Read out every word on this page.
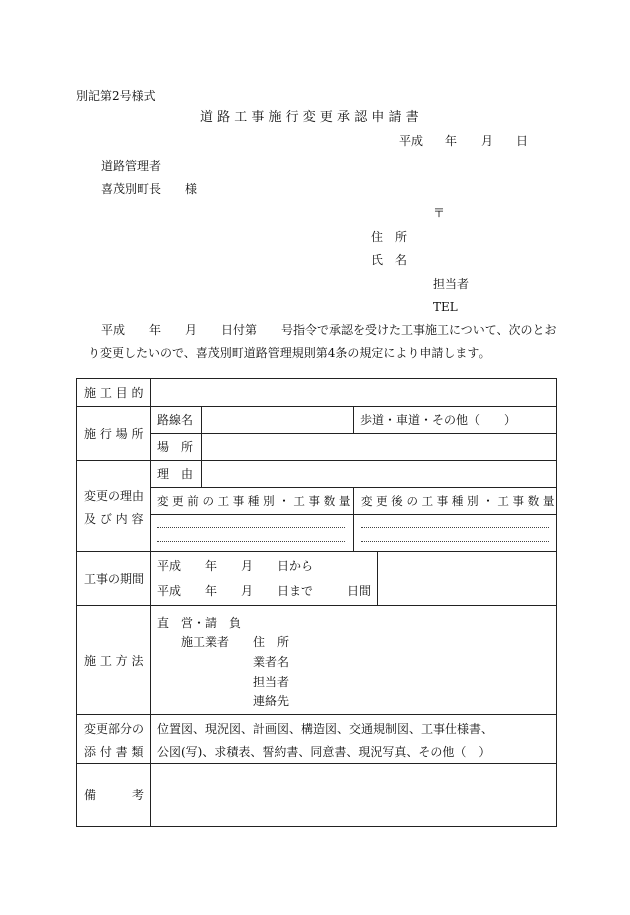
別記第2号様式
道 路 工 事 施 行 変 更 承 認 申 請 書
平成 年 月 日
道路管理者
喜茂別町長　　様
〒
住　所
氏　名
担当者
TEL
平成　　年　　月　　日付第　　号指令で承認を受けた工事施工について、次のとお
り変更したいので、喜茂別町道路管理規則第4条の規定により申請します。
施 工 目 的
施 行 場 所
路線名	歩道・車道・その他（　　）
場　所
変更の理由
及 び 内 容
理　由
変 更 前 の 工 事 種 別 ・ 工 事 数 量 変 更 後 の 工 事 種 別 ・ 工 事 数 量
工事の期間
平成　　年　　月　　日から
平成　　年　　月　　日まで	日間
施 工 方 法
直　営・請　負
施工業者 住　所
業者名
担当者
連絡先
変更部分の
添 付 書 類
位置図、現況図、計画図、構造図、交通規制図、工事仕様書、
公図(写)、求積表、誓約書、同意書、現況写真、その他（　）
備　　　考
